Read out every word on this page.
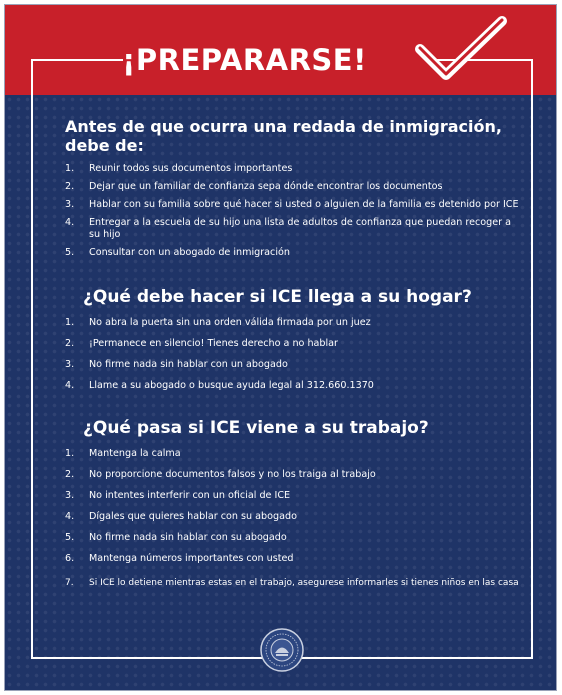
¡PREPARARSE!
Antes de que ocurra una redada de inmigración, debe de:
1.	Reunir todos sus documentos importantes
2.	Dejar que un familiar de confianza sepa dónde encontrar los documentos
3.	Hablar con su familia sobre qué hacer si usted o alguien de la familia es detenido por ICE
4.	Entregar a la escuela de su hijo una lista de adultos de confianza que puedan recoger a su hijo
5.	Consultar con un abogado de inmigración
¿Qué debe hacer si ICE llega a su hogar?
1.	No abra la puerta sin una orden válida firmada por un juez
2.	¡Permanece en silencio! Tienes derecho a no hablar
3.	No firme nada sin hablar con un abogado
4.	Llame a su abogado o busque ayuda legal al 312.660.1370
¿Qué pasa si ICE viene a su trabajo?
1.	Mantenga la calma
2.	No proporcione documentos falsos y no los traiga al trabajo
3.	No intentes interferir con un oficial de ICE
4.	Dígales que quieres hablar con su abogado
5.	No firme nada sin hablar con su abogado
6.	Mantenga números importantes con usted
7.	Si ICE lo detiene mientras estas en el trabajo, asegurese informarles si tienes niños en las casa
